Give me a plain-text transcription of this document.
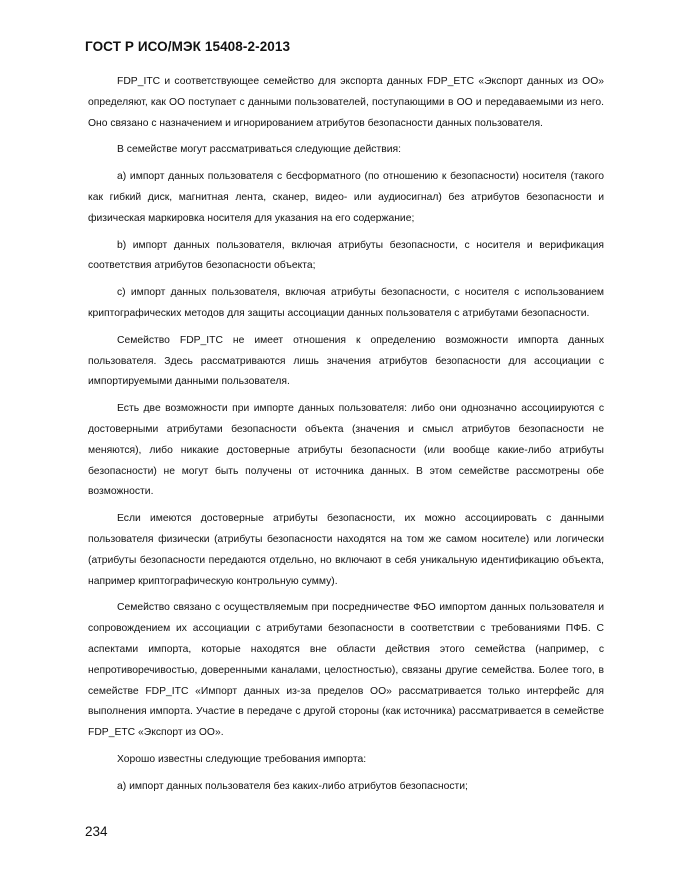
ГОСТ Р ИСО/МЭК 15408-2-2013

FDP_ITC и соответствующее семейство для экспорта данных FDP_ETC «Экспорт данных из ОО» определяют, как ОО поступает с данными пользователей, поступающими в ОО и передаваемыми из него. Оно связано с назначением и игнорированием атрибутов безопасности данных пользователя.

В семействе могут рассматриваться следующие действия:

a) импорт данных пользователя с бесформатного (по отношению к безопасности) носителя (такого как гибкий диск, магнитная лента, сканер, видео- или аудиосигнал) без атрибутов безопасности и физическая маркировка носителя для указания на его содержание;

b) импорт данных пользователя, включая атрибуты безопасности, с носителя и верификация соответствия атрибутов безопасности объекта;

c) импорт данных пользователя, включая атрибуты безопасности, с носителя с использованием криптографических методов для защиты ассоциации данных пользователя с атрибутами безопасности.

Семейство FDP_ITC не имеет отношения к определению возможности импорта данных пользователя. Здесь рассматриваются лишь значения атрибутов безопасности для ассоциации с импортируемыми данными пользователя.

Есть две возможности при импорте данных пользователя: либо они однозначно ассоциируются с достоверными атрибутами безопасности объекта (значения и смысл атрибутов безопасности не меняются), либо никакие достоверные атрибуты безопасности (или вообще какие-либо атрибуты безопасности) не могут быть получены от источника данных. В этом семействе рассмотрены обе возможности.

Если имеются достоверные атрибуты безопасности, их можно ассоциировать с данными пользователя физически (атрибуты безопасности находятся на том же самом носителе) или логически (атрибуты безопасности передаются отдельно, но включают в себя уникальную идентификацию объекта, например криптографическую контрольную сумму).

Семейство связано с осуществляемым при посредничестве ФБО импортом данных пользователя и сопровождением их ассоциации с атрибутами безопасности в соответствии с требованиями ПФБ. С аспектами импорта, которые находятся вне области действия этого семейства (например, с непротиворечивостью, доверенными каналами, целостностью), связаны другие семейства. Более того, в семействе FDP_ITC «Импорт данных из-за пределов ОО» рассматривается только интерфейс для выполнения импорта. Участие в передаче с другой стороны (как источника) рассматривается в семействе FDP_ETC «Экспорт из ОО».

Хорошо известны следующие требования импорта:

a) импорт данных пользователя без каких-либо атрибутов безопасности;

234
